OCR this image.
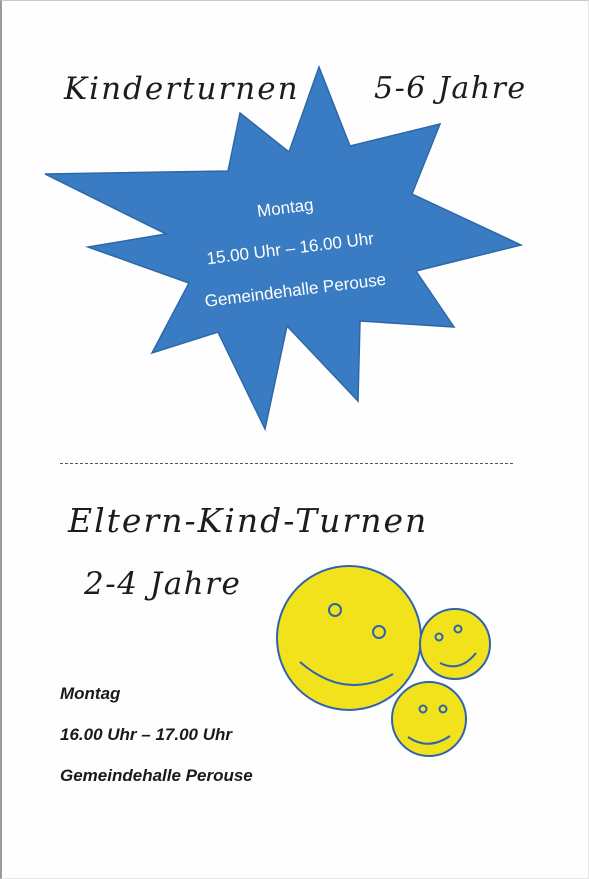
Kinderturnen 5-6 Jahre
Montag
15.00 Uhr – 16.00 Uhr
Gemeindehalle Perouse
Eltern-Kind-Turnen
2-4 Jahre
Montag
16.00 Uhr – 17.00 Uhr
Gemeindehalle Perouse
